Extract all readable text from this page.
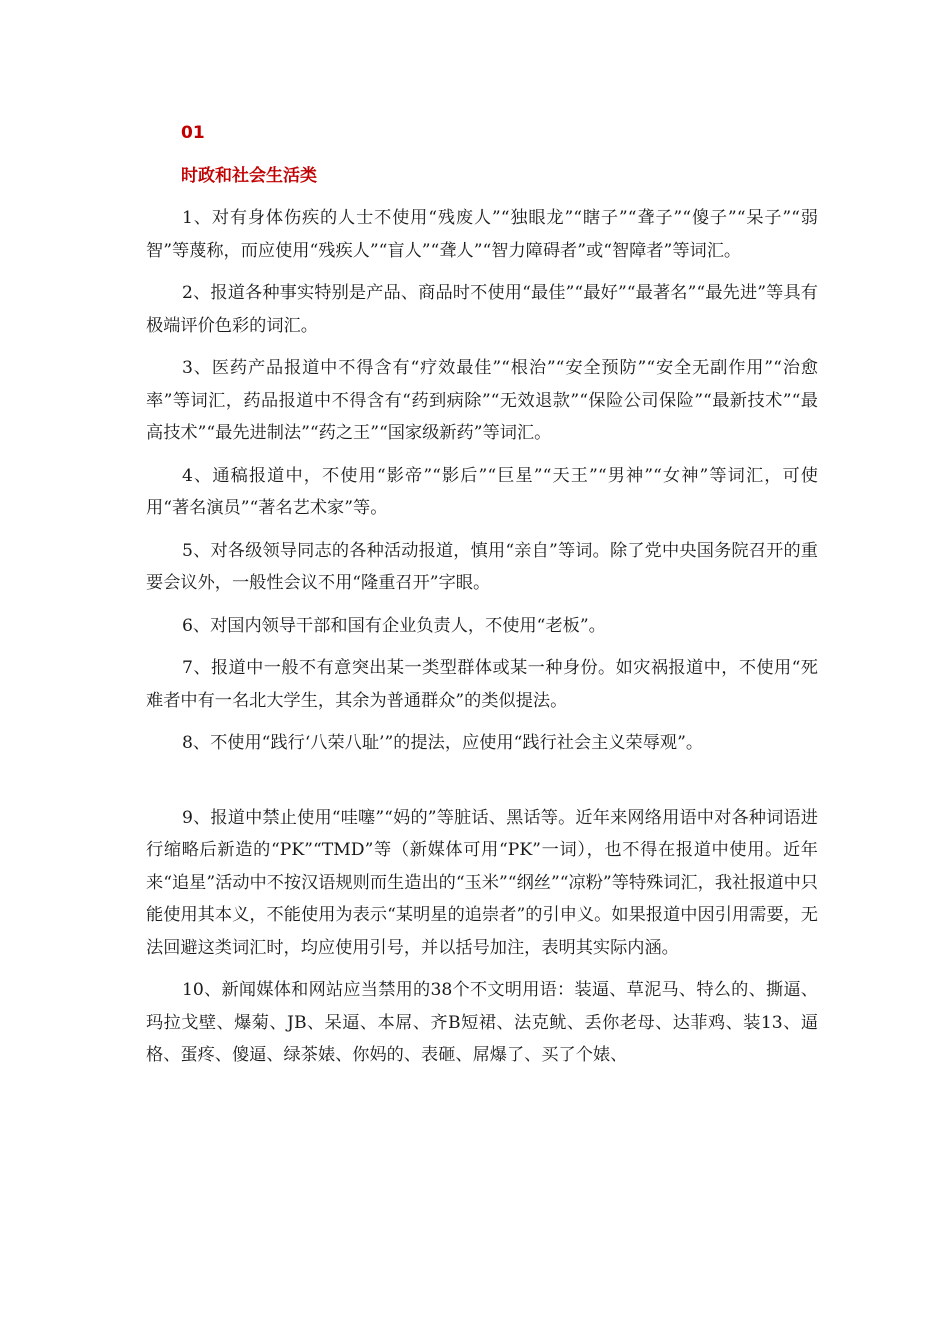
01
时政和社会生活类

1、对有身体伤疾的人士不使用“残废人”“独眼龙”“瞎子”“聋子”“傻子”“呆子”“弱智”等蔑称，而应使用“残疾人”“盲人”“聋人”“智力障碍者”或“智障者”等词汇。

2、报道各种事实特别是产品、商品时不使用“最佳”“最好”“最著名”“最先进”等具有极端评价色彩的词汇。

3、医药产品报道中不得含有“疗效最佳”“根治”“安全预防”“安全无副作用”“治愈率”等词汇，药品报道中不得含有“药到病除”“无效退款”“保险公司保险”“最新技术”“最高技术”“最先进制法”“药之王”“国家级新药”等词汇。

4、通稿报道中，不使用“影帝”“影后”“巨星”“天王”“男神”“女神”等词汇，可使用“著名演员”“著名艺术家”等。

5、对各级领导同志的各种活动报道，慎用“亲自”等词。除了党中央国务院召开的重要会议外，一般性会议不用“隆重召开”字眼。

6、对国内领导干部和国有企业负责人，不使用“老板”。

7、报道中一般不有意突出某一类型群体或某一种身份。如灾祸报道中，不使用“死难者中有一名北大学生，其余为普通群众”的类似提法。

8、不使用“践行‘八荣八耻’”的提法，应使用“践行社会主义荣辱观”。

9、报道中禁止使用“哇噻”“妈的”等脏话、黑话等。近年来网络用语中对各种词语进行缩略后新造的“PK”“TMD”等（新媒体可用“PK”一词），也不得在报道中使用。近年来“追星”活动中不按汉语规则而生造出的“玉米”“纲丝”“凉粉”等特殊词汇，我社报道中只能使用其本义，不能使用为表示“某明星的追崇者”的引申义。如果报道中因引用需要，无法回避这类词汇时，均应使用引号，并以括号加注，表明其实际内涵。

10、新闻媒体和网站应当禁用的38个不文明用语：装逼、草泥马、特么的、撕逼、玛拉戈壁、爆菊、JB、呆逼、本屌、齐B短裙、法克鱿、丢你老母、达菲鸡、装13、逼格、蛋疼、傻逼、绿茶婊、你妈的、表砸、屌爆了、买了个婊、
